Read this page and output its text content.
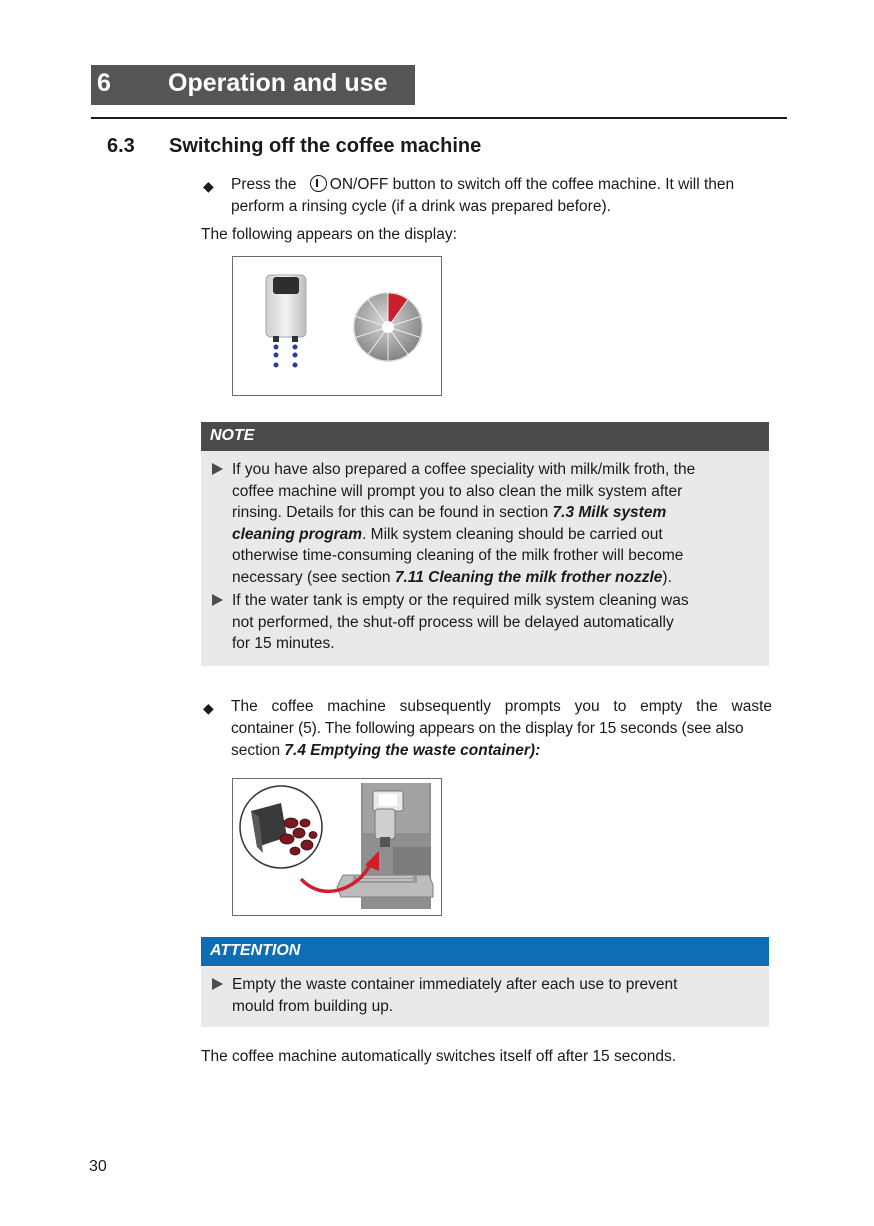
6 Operation and use
6.3 Switching off the coffee machine
◆ Press the ON/OFF button to switch off the coffee machine. It will then
perform a rinsing cycle (if a drink was prepared before).
The following appears on the display:
NOTE
If you have also prepared a coffee speciality with milk/milk froth, the
coffee machine will prompt you to also clean the milk system after
rinsing. Details for this can be found in section 7.3 Milk system
cleaning program. Milk system cleaning should be carried out
otherwise time-consuming cleaning of the milk frother will become
necessary (see section 7.11 Cleaning the milk frother nozzle).
If the water tank is empty or the required milk system cleaning was
not performed, the shut-off process will be delayed automatically
for 15 minutes.
◆ The coffee machine subsequently prompts you to empty the waste
container (5). The following appears on the display for 15 seconds (see also
section 7.4 Emptying the waste container):
ATTENTION
Empty the waste container immediately after each use to prevent
mould from building up.
The coffee machine automatically switches itself off after 15 seconds.
30
